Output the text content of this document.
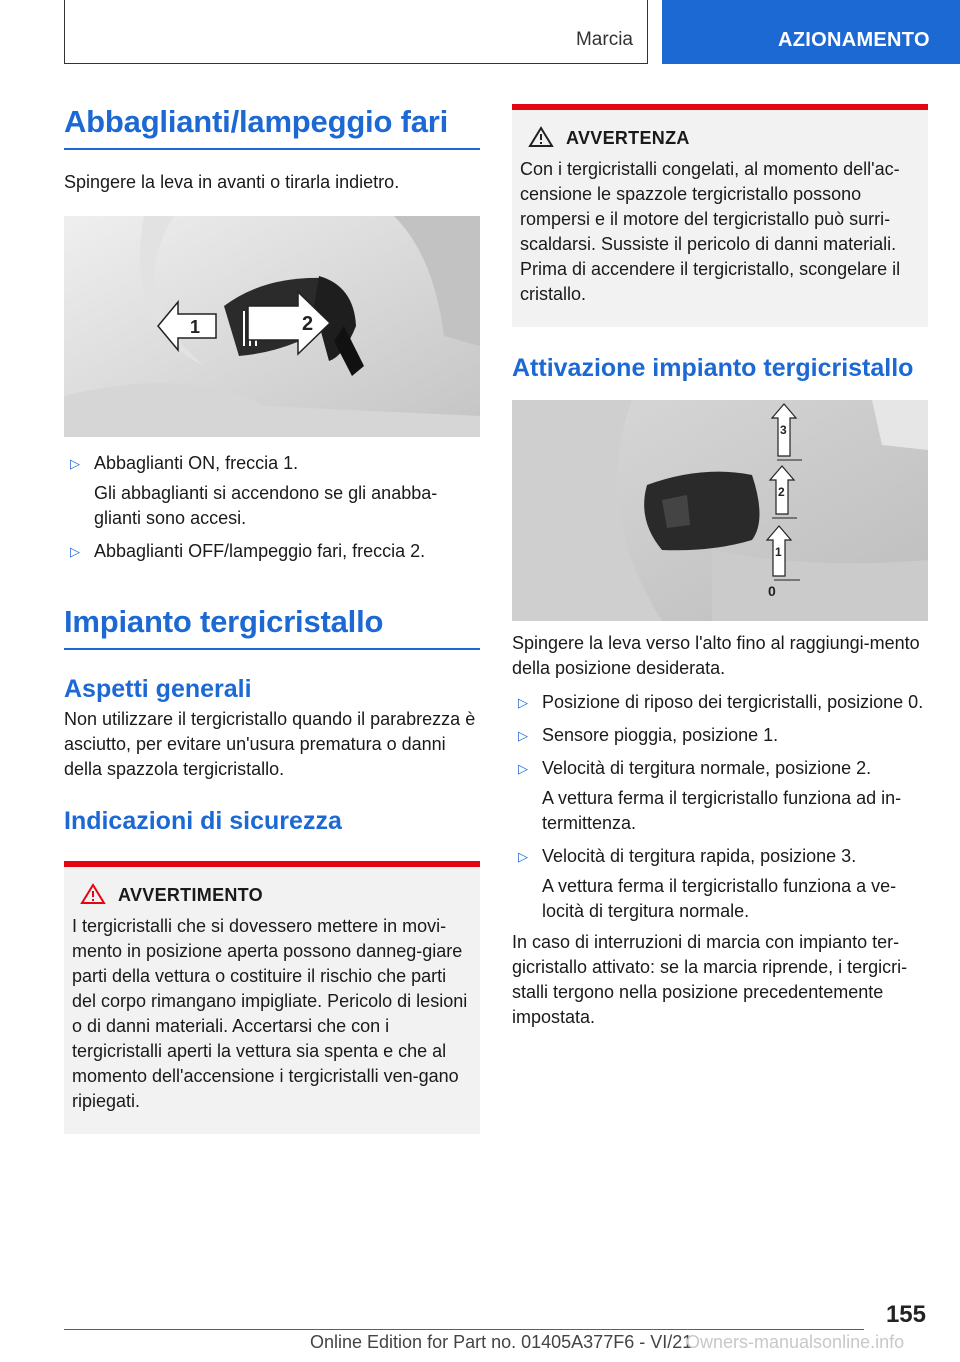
Marcia	AZIONAMENTO
Abbaglianti/lampeggio fari

Spingere la leva in avanti o tirarla indietro.

1	2
▷ Abbaglianti ON, freccia 1.
Gli abbaglianti si accendono se gli anabba-glianti sono accesi.
▷ Abbaglianti OFF/lampeggio fari, freccia 2.
Impianto tergicristallo
Aspetti generali

Non utilizzare il tergicristallo quando il parabrezza è asciutto, per evitare un'usura prematura o danni della spazzola tergicristallo.

Indicazioni di sicurezza
AVVERTIMENTO

I tergicristalli che si dovessero mettere in movi-mento in posizione aperta possono danneg-giare parti della vettura o costituire il rischio che parti del corpo rimangano impigliate. Pericolo di lesioni o di danni materiali. Accertarsi che con i tergicristalli aperti la vettura sia spenta e che al momento dell'accensione i tergicristalli ven-gano ripiegati.

AVVERTENZA

Con i tergicristalli congelati, al momento dell'ac-censione le spazzole tergicristallo possono rompersi e il motore del tergicristallo può surri-scaldarsi. Sussiste il pericolo di danni materiali. Prima di accendere il tergicristallo, scongelare il cristallo.

Attivazione impianto tergicristallo
3
2
1
0

Spingere la leva verso l'alto fino al raggiungi-mento della posizione desiderata.

▷ Posizione di riposo dei tergicristalli, posizione 0.
▷ Sensore pioggia, posizione 1.
▷ Velocità di tergitura normale, posizione 2.
A vettura ferma il tergicristallo funziona ad in-termittenza.
▷ Velocità di tergitura rapida, posizione 3.
A vettura ferma il tergicristallo funziona a ve-locità di tergitura normale.

In caso di interruzioni di marcia con impianto ter-gicristallo attivato: se la marcia riprende, i tergicri-stalli tergono nella posizione precedentemente impostata.

155
Online Edition for Part no. 01405A377F6 - VI/21
Owners-manualsonline.info
